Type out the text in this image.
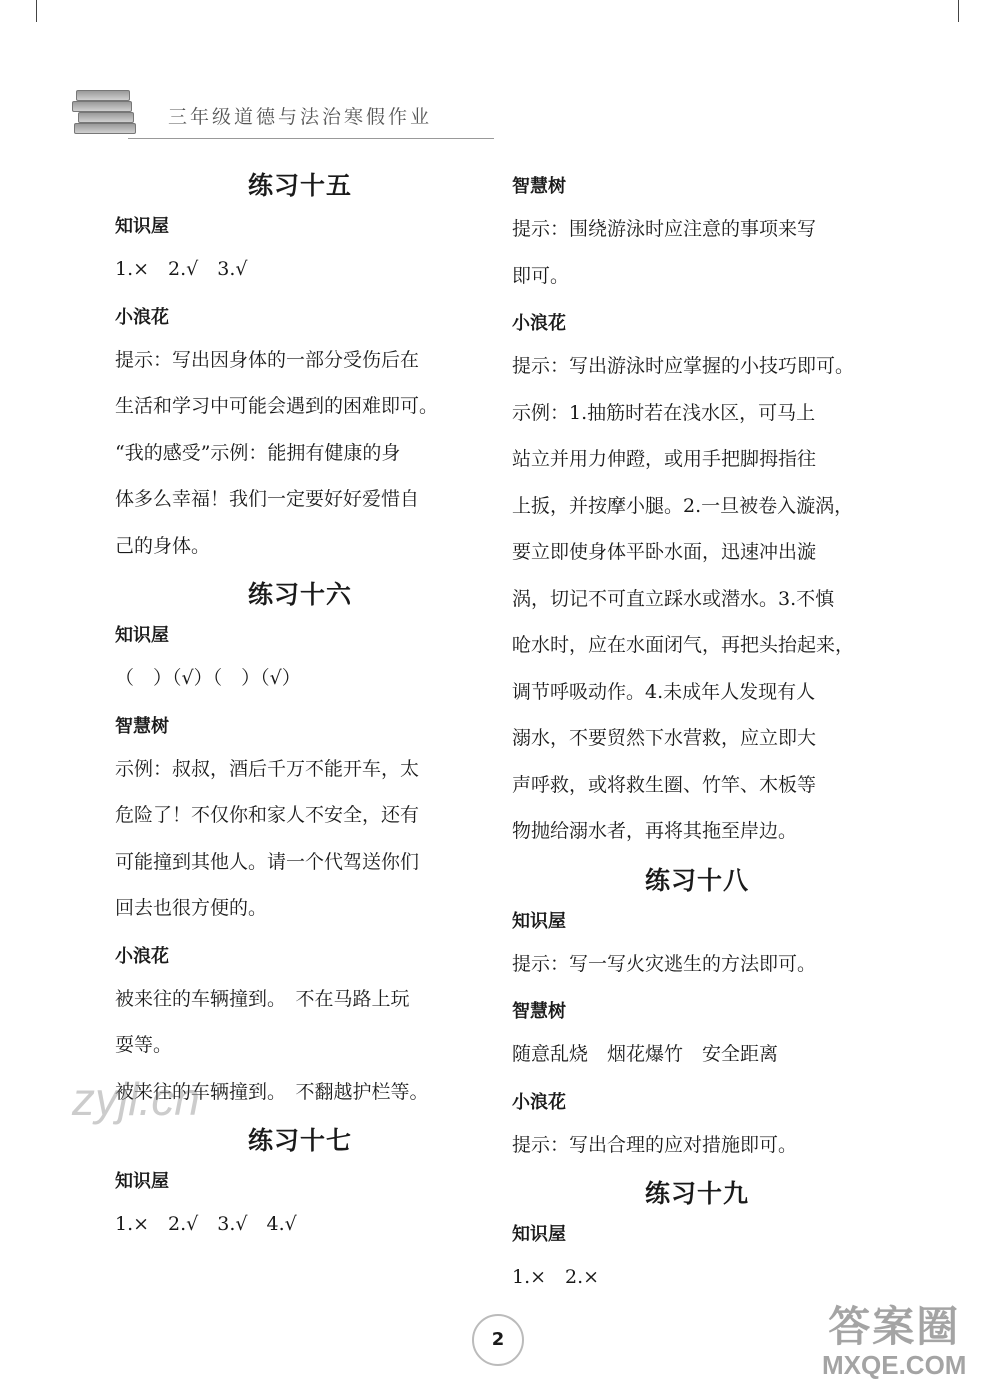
三年级道德与法治寒假作业
练习十五
知识屋
1.×　2.√　3.√
小浪花
提示：写出因身体的一部分受伤后在
生活和学习中可能会遇到的困难即可。
“我的感受”示例：能拥有健康的身
体多么幸福！我们一定要好好爱惜自
己的身体。
练习十六
知识屋
（　）（√）（　）（√）
智慧树
示例：叔叔，酒后千万不能开车，太
危险了！不仅你和家人不安全，还有
可能撞到其他人。请一个代驾送你们
回去也很方便的。
小浪花
被来往的车辆撞到。　不在马路上玩
耍等。
被来往的车辆撞到。　不翻越护栏等。
练习十七
知识屋
1.×　2.√　3.√　4.√
智慧树
提示：围绕游泳时应注意的事项来写
即可。
小浪花
提示：写出游泳时应掌握的小技巧即可。
示例：1.抽筋时若在浅水区，可马上
站立并用力伸蹬，或用手把脚拇指往
上扳，并按摩小腿。2.一旦被卷入漩涡，
要立即使身体平卧水面，迅速冲出漩
涡，切记不可直立踩水或潜水。3.不慎
呛水时，应在水面闭气，再把头抬起来，
调节呼吸动作。4.未成年人发现有人
溺水，不要贸然下水营救，应立即大
声呼救，或将救生圈、竹竿、木板等
物抛给溺水者，再将其拖至岸边。
练习十八
知识屋
提示：写一写火灾逃生的方法即可。
智慧树
随意乱烧　烟花爆竹　安全距离
小浪花
提示：写出合理的应对措施即可。
练习十九
知识屋
1.×　2.×
zyjl.cn
答案圈
MXQE.COM
2
